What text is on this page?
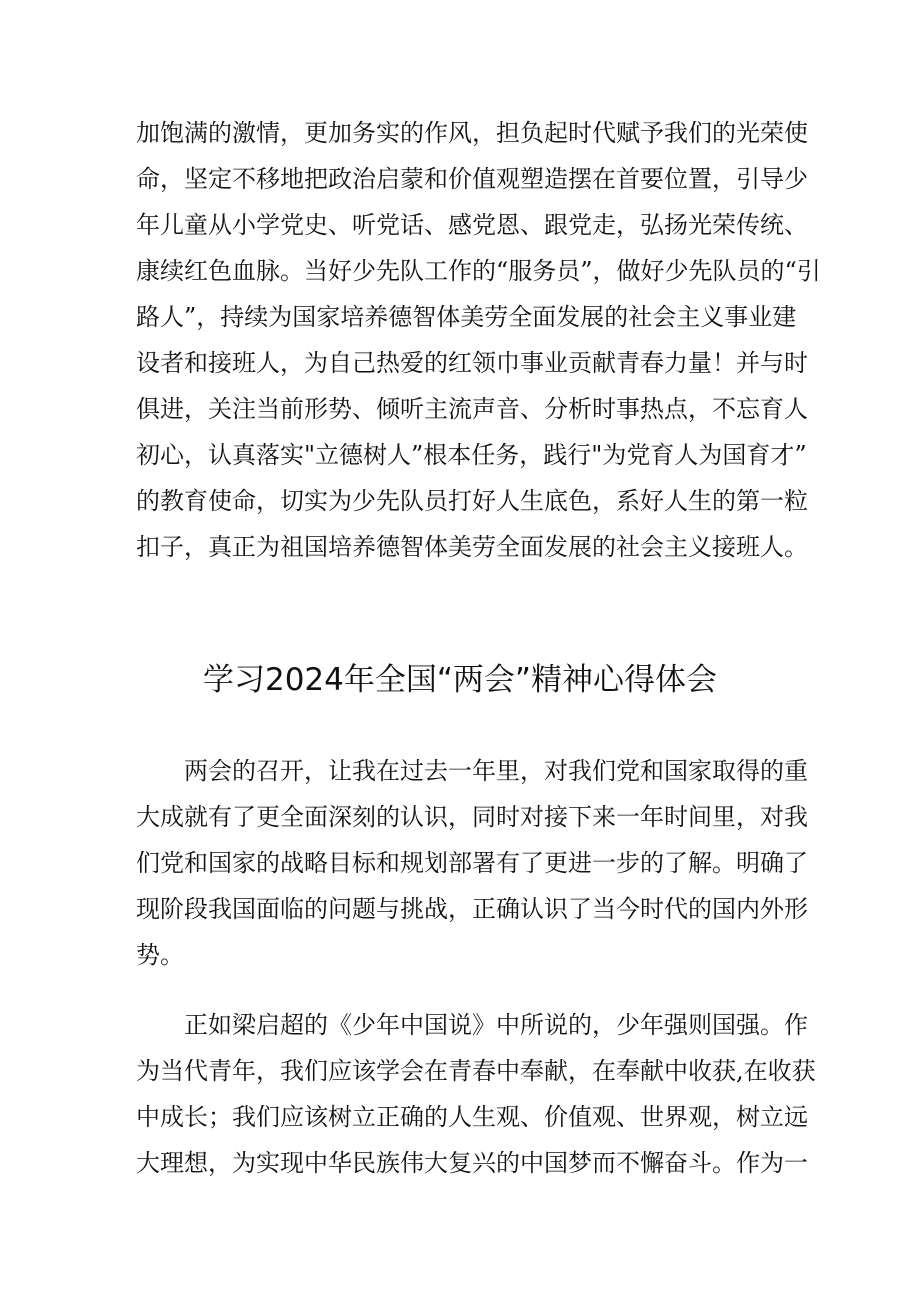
加饱满的激情，更加务实的作风，担负起时代赋予我们的光荣使
命，坚定不移地把政治启蒙和价值观塑造摆在首要位置，引导少
年儿童从小学党史、听党话、感党恩、跟党走，弘扬光荣传统、
康续红色血脉。当好少先队工作的“服务员”，做好少先队员的“引
路人”，持续为国家培养德智体美劳全面发展的社会主义事业建
设者和接班人，为自己热爱的红领巾事业贡献青春力量！并与时
俱进，关注当前形势、倾听主流声音、分析时事热点，不忘育人
初心，认真落实"立德树人”根本任务，践行"为党育人为国育才”
的教育使命，切实为少先队员打好人生底色，系好人生的第一粒
扣子，真正为祖国培养德智体美劳全面发展的社会主义接班人。
学习2024年全国“两会”精神心得体会
两会的召开，让我在过去一年里，对我们党和国家取得的重
大成就有了更全面深刻的认识，同时对接下来一年时间里，对我
们党和国家的战略目标和规划部署有了更进一步的了解。明确了
现阶段我国面临的问题与挑战，正确认识了当今时代的国内外形
势。
正如梁启超的《少年中国说》中所说的，少年强则国强。作
为当代青年，我们应该学会在青春中奉献，在奉献中收获,在收获
中成长；我们应该树立正确的人生观、价值观、世界观，树立远
大理想，为实现中华民族伟大复兴的中国梦而不懈奋斗。作为一
